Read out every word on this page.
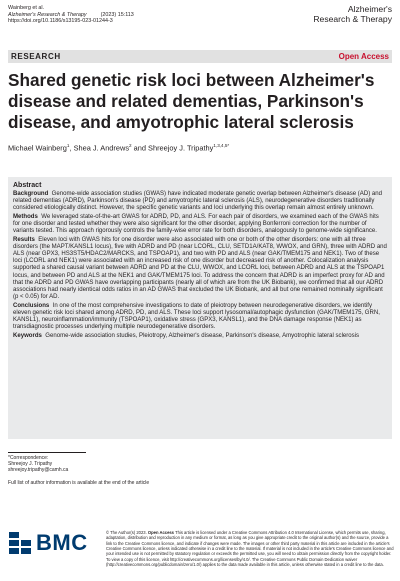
Wainberg et al.
Alzheimer's Research & Therapy	(2023) 15:113
https://doi.org/10.1186/s13195-023-01244-3
Alzheimer's
Research & Therapy
RESEARCH	Open Access
Shared genetic risk loci between Alzheimer's disease and related dementias, Parkinson's disease, and amyotrophic lateral sclerosis
Michael Wainberg$^1$, Shea J. Andrews$^2$ and Shreejoy J. Tripathy$^{1,3,4,5*}$
Abstract

Background Genome-wide association studies (GWAS) have indicated moderate genetic overlap between Alzheimer's disease (AD) and related dementias (ADRD), Parkinson's disease (PD) and amyotrophic lateral sclerosis (ALS), neurodegenerative disorders traditionally considered etiologically distinct. However, the specific genetic variants and loci underlying this overlap remain almost entirely unknown.

Methods We leveraged state-of-the-art GWAS for ADRD, PD, and ALS. For each pair of disorders, we examined each of the GWAS hits for one disorder and tested whether they were also significant for the other disorder, applying Bonferroni correction for the number of variants tested. This approach rigorously controls the family-wise error rate for both disorders, analogously to genome-wide significance.

Results Eleven loci with GWAS hits for one disorder were also associated with one or both of the other disorders: one with all three disorders (the MAPT/KANSL1 locus), five with ADRD and PD (near LCORL, CLU, SETD1A/KAT8, WWOX, and GRN), three with ADRD and ALS (near GPX3, HS3ST5/HDAC2/MARCKS, and TSPOAP1), and two with PD and ALS (near GAK/TMEM175 and NEK1). Two of these loci (LCORL and NEK1) were associated with an increased risk of one disorder but decreased risk of another. Colocalization analysis supported a shared causal variant between ADRD and PD at the CLU, WWOX, and LCORL loci, between ADRD and ALS at the TSPOAP1 locus, and between PD and ALS at the NEK1 and GAK/TMEM175 loci. To address the concern that ADRD is an imperfect proxy for AD and that the ADRD and PD GWAS have overlapping participants (nearly all of which are from the UK Biobank), we confirmed that all our ADRD associations had nearly identical odds ratios in an AD GWAS that excluded the UK Biobank, and all but one remained nominally significant (p < 0.05) for AD.

Conclusions In one of the most comprehensive investigations to date of pleiotropy between neurodegenerative disorders, we identify eleven genetic risk loci shared among ADRD, PD, and ALS. These loci support lysosomal/autophagic dysfunction (GAK/TMEM175, GRN, KANSL1), neuroinflammation/immunity (TSPOAP1), oxidative stress (GPX3, KANSL1), and the DNA damage response (NEK1) as transdiagnostic processes underlying multiple neurodegenerative disorders.

Keywords Genome-wide association studies, Pleiotropy, Alzheimer's disease, Parkinson's disease, Amyotrophic lateral sclerosis

*Correspondence:
Shreejoy J. Tripathy
shreejoy.tripathy@camh.ca
Full list of author information is available at the end of the article
BMC	© The Author(s) 2023. Open Access This article is licensed under a Creative Commons Attribution 4.0 International License, which permits use, sharing, adaptation, distribution and reproduction in any medium or format, as long as you give appropriate credit to the original author(s) and the source, provide a link to the Creative Commons licence, and indicate if changes were made. The images or other third party material in this article are included in the article's Creative Commons licence, unless indicated otherwise in a credit line to the material. If material is not included in the article's Creative Commons licence and your intended use is not permitted by statutory regulation or exceeds the permitted use, you will need to obtain permission directly from the copyright holder. To view a copy of this licence, visit http://creativecommons.org/licenses/by/4.0/. The Creative Commons Public Domain Dedication waiver (http://creativecommons.org/publicdomain/zero/1.0/) applies to the data made available in this article, unless otherwise stated in a credit line to the data.
